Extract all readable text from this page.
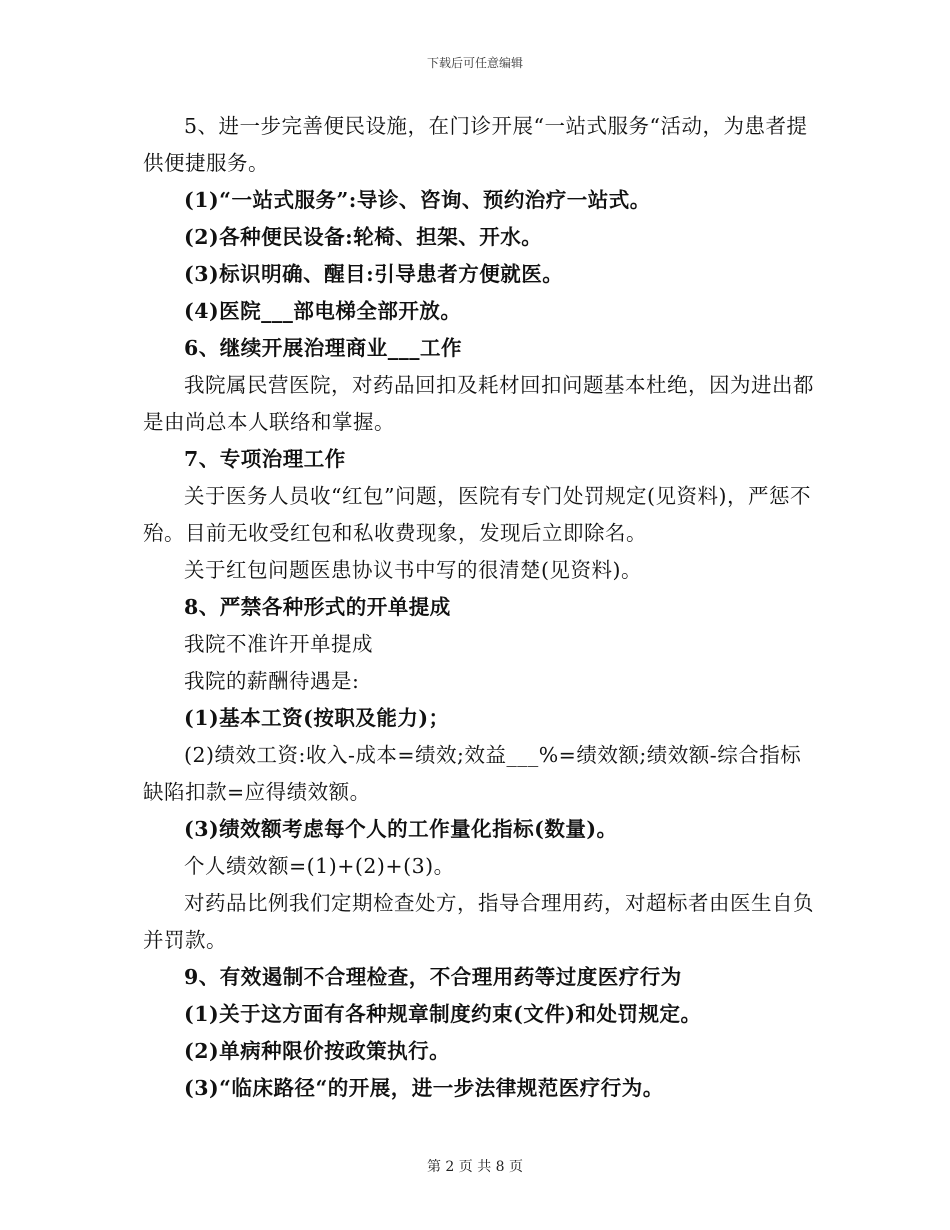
下载后可任意编辑

5、进一步完善便民设施，在门诊开展“一站式服务“活动，为患者提供便捷服务。

(1)“一站式服务”:导诊、咨询、预约治疗一站式。

(2)各种便民设备:轮椅、担架、开水。

(3)标识明确、醒目:引导患者方便就医。

(4)医院___部电梯全部开放。

6、继续开展治理商业___工作

我院属民营医院，对药品回扣及耗材回扣问题基本杜绝，因为进出都是由尚总本人联络和掌握。

7、专项治理工作

关于医务人员收“红包”问题，医院有专门处罚规定(见资料)，严惩不殆。目前无收受红包和私收费现象，发现后立即除名。

关于红包问题医患协议书中写的很清楚(见资料)。

8、严禁各种形式的开单提成

我院不准许开单提成

我院的薪酬待遇是:

(1)基本工资(按职及能力)；

(2)绩效工资:收入-成本=绩效;效益___%=绩效额;绩效额-综合指标缺陷扣款=应得绩效额。

(3)绩效额考虑每个人的工作量化指标(数量)。

个人绩效额=(1)+(2)+(3)。

对药品比例我们定期检查处方，指导合理用药，对超标者由医生自负并罚款。

9、有效遏制不合理检查，不合理用药等过度医疗行为

(1)关于这方面有各种规章制度约束(文件)和处罚规定。

(2)单病种限价按政策执行。

(3)“临床路径“的开展，进一步法律规范医疗行为。

第 2 页 共 8 页
